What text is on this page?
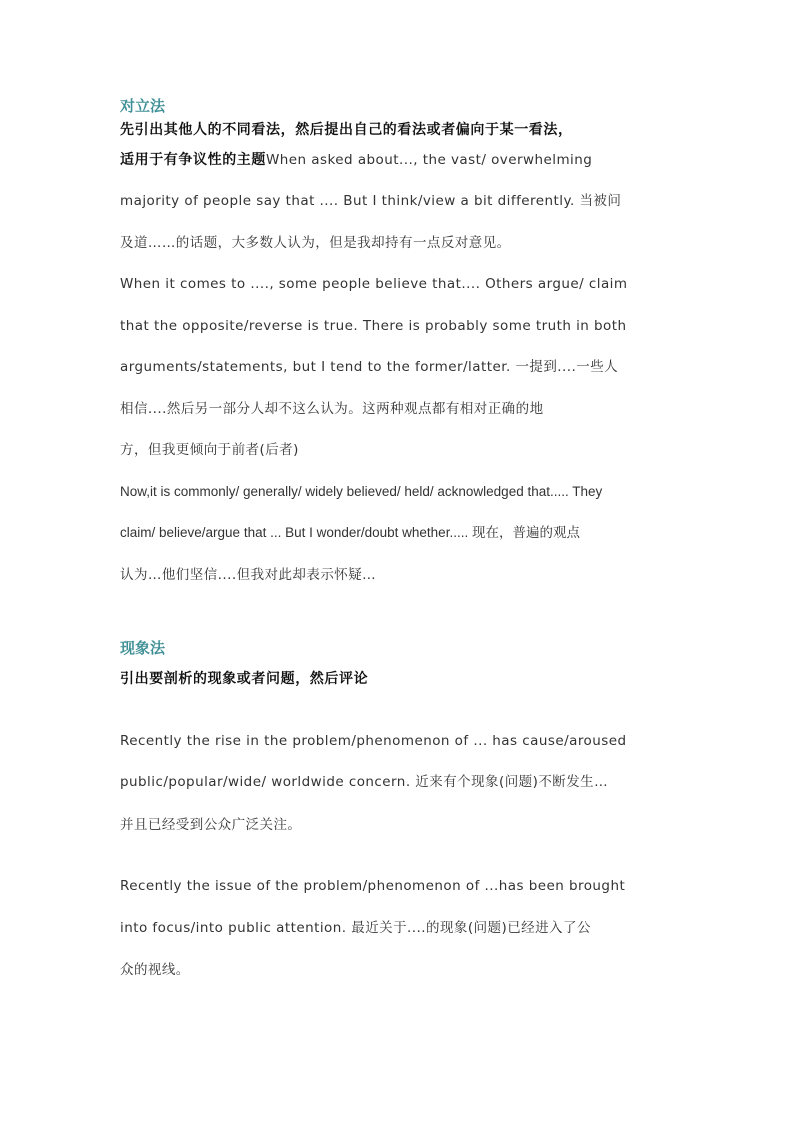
对立法
先引出其他人的不同看法，然后提出自己的看法或者偏向于某一看法，
适用于有争议性的主题When asked about..., the vast/ overwhelming
majority of people say that .... But I think/view a bit differently. 当被问
及道……的话题，大多数人认为，但是我却持有一点反对意见。
When it comes to ...., some people believe that.... Others argue/ claim
that the opposite/reverse is true. There is probably some truth in both
arguments/statements, but I tend to the former/latter. 一提到....一些人
相信....然后另一部分人却不这么认为。这两种观点都有相对正确的地
方，但我更倾向于前者(后者)
Now,it is commonly/ generally/ widely believed/ held/ acknowledged that..... They
claim/ believe/argue that ... But I wonder/doubt whether..... 现在，普遍的观点
认为…他们坚信....但我对此却表示怀疑…
现象法
引出要剖析的现象或者问题，然后评论
Recently the rise in the problem/phenomenon of ... has cause/aroused
public/popular/wide/ worldwide concern. 近来有个现象(问题)不断发生…
并且已经受到公众广泛关注。
Recently the issue of the problem/phenomenon of ...has been brought
into focus/into public attention. 最近关于....的现象(问题)已经进入了公
众的视线。
